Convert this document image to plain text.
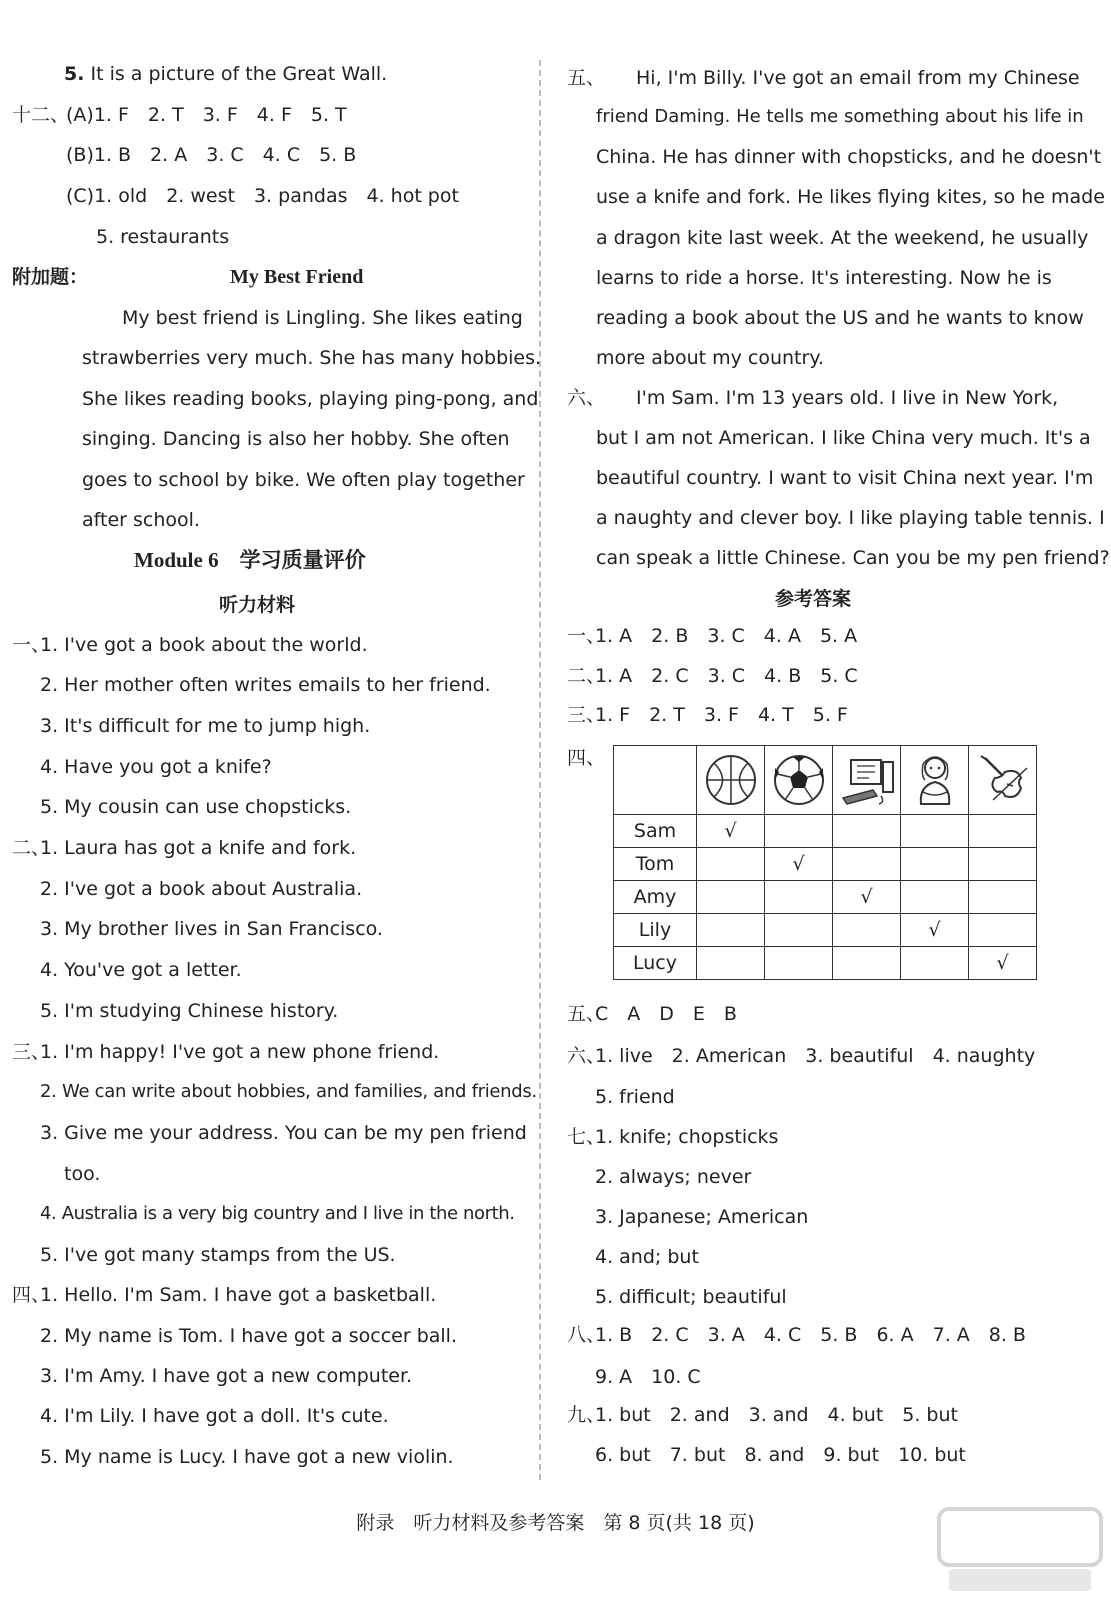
5. It is a picture of the Great Wall.
十二、
(A)1. F　2. T　3. F　4. F　5. T
(B)1. B　2. A　3. C　4. C　5. B
(C)1. old　2. west　3. pandas　4. hot pot
5. restaurants
附加题：	My Best Friend
My best friend is Lingling. She likes eating
strawberries very much. She has many hobbies.
She likes reading books, playing ping-pong, and
singing. Dancing is also her hobby. She often
goes to school by bike. We often play together
after school.
Module 6　学习质量评价
听力材料
一、
1. I've got a book about the world.
2. Her mother often writes emails to her friend.
3. It's difficult for me to jump high.
4. Have you got a knife?
5. My cousin can use chopsticks.
二、
1. Laura has got a knife and fork.
2. I've got a book about Australia.
3. My brother lives in San Francisco.
4. You've got a letter.
5. I'm studying Chinese history.
三、
1. I'm happy! I've got a new phone friend.
2. We can write about hobbies, and families, and friends.
3. Give me your address. You can be my pen friend
too.
4. Australia is a very big country and I live in the north.
5. I've got many stamps from the US.
四、
1. Hello. I'm Sam. I have got a basketball.
2. My name is Tom. I have got a soccer ball.
3. I'm Amy. I have got a new computer.
4. I'm Lily. I have got a doll. It's cute.
5. My name is Lucy. I have got a new violin.
五、 Hi, I'm Billy. I've got an email from my Chinese
friend Daming. He tells me something about his life in
China. He has dinner with chopsticks, and he doesn't
use a knife and fork. He likes flying kites, so he made
a dragon kite last week. At the weekend, he usually
learns to ride a horse. It's interesting. Now he is
reading a book about the US and he wants to know
more about my country.
六、 I'm Sam. I'm 13 years old. I live in New York,
but I am not American. I like China very much. It's a
beautiful country. I want to visit China next year. I'm
a naughty and clever boy. I like playing table tennis. I
can speak a little Chinese. Can you be my pen friend?
参考答案
一、
1. A　2. B　3. C　4. A　5. A
二、
1. A　2. C　3. C　4. B　5. C
三、
1. F　2. T　3. F　4. T　5. F
四、

Sam	√				
Tom		√			
Amy			√		
Lily				√	
Lucy					√
五、
C　A　D　E　B
六、
1. live　2. American　3. beautiful　4. naughty
5. friend
七、
1. knife; chopsticks
2. always; never
3. Japanese; American
4. and; but
5. difficult; beautiful
八、
1. B　2. C　3. A　4. C　5. B　6. A　7. A　8. B
9. A　10. C
九、
1. but　2. and　3. and　4. but　5. but
6. but　7. but　8. and　9. but　10. but
附录　听力材料及参考答案　第 8 页(共 18 页)
